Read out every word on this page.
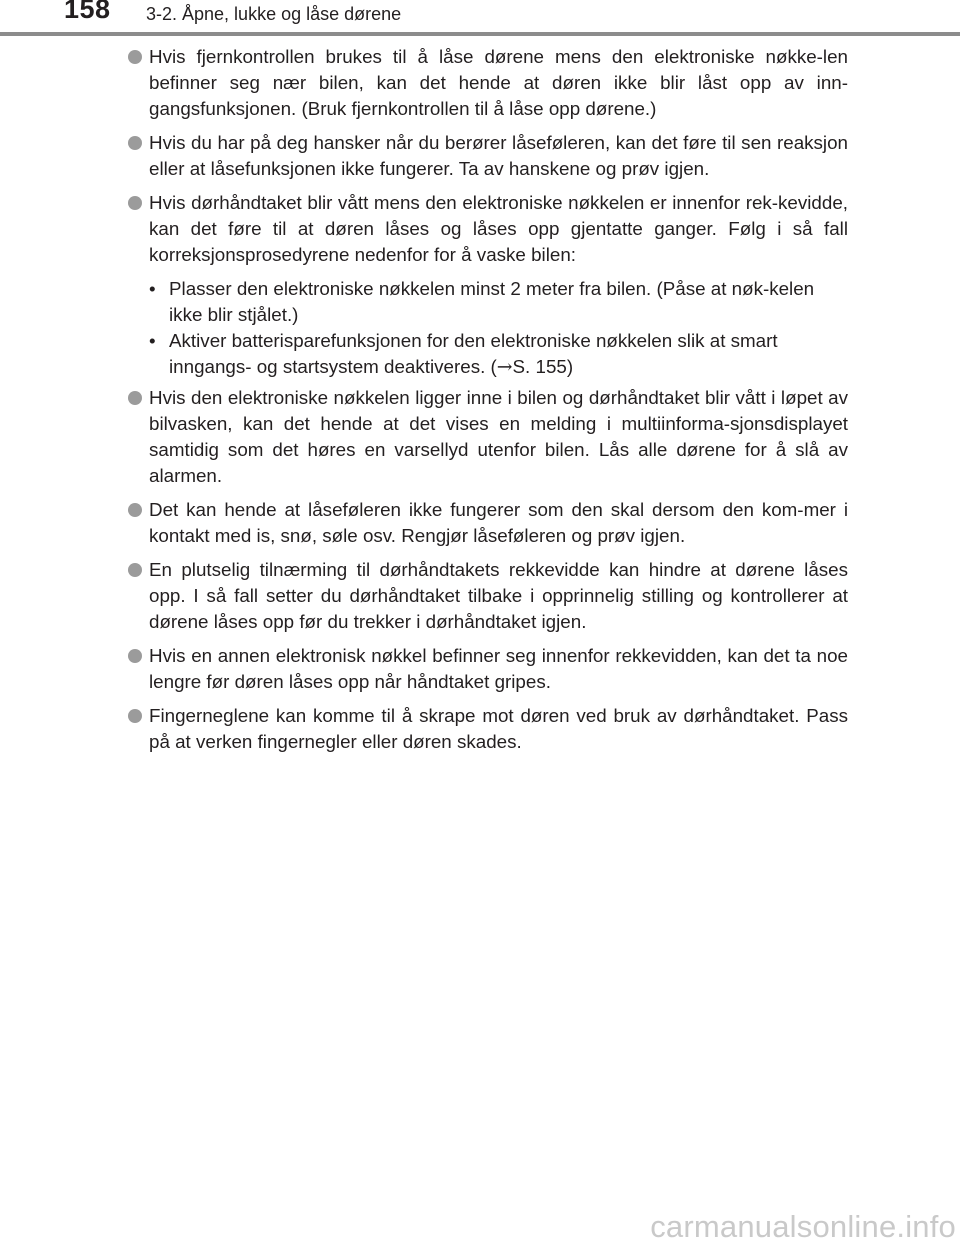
158 3-2. Åpne, lukke og låse dørene
Hvis fjernkontrollen brukes til å låse dørene mens den elektroniske nøkke-len befinner seg nær bilen, kan det hende at døren ikke blir låst opp av inn-gangsfunksjonen. (Bruk fjernkontrollen til å låse opp dørene.)
Hvis du har på deg hansker når du berører låseføleren, kan det føre til sen reaksjon eller at låsefunksjonen ikke fungerer. Ta av hanskene og prøv igjen.
Hvis dørhåndtaket blir vått mens den elektroniske nøkkelen er innenfor rek-kevidde, kan det føre til at døren låses og låses opp gjentatte ganger. Følg i så fall korreksjonsprosedyrene nedenfor for å vaske bilen:
• Plasser den elektroniske nøkkelen minst 2 meter fra bilen. (Påse at nøk-kelen ikke blir stjålet.)
• Aktiver batterisparefunksjonen for den elektroniske nøkkelen slik at smart inngangs- og startsystem deaktiveres. (→S. 155)
Hvis den elektroniske nøkkelen ligger inne i bilen og dørhåndtaket blir vått i løpet av bilvasken, kan det hende at det vises en melding i multiinforma-sjonsdisplayet samtidig som det høres en varsellyd utenfor bilen. Lås alle dørene for å slå av alarmen.
Det kan hende at låseføleren ikke fungerer som den skal dersom den kom-mer i kontakt med is, snø, søle osv. Rengjør låseføleren og prøv igjen.
En plutselig tilnærming til dørhåndtakets rekkevidde kan hindre at dørene låses opp. I så fall setter du dørhåndtaket tilbake i opprinnelig stilling og kontrollerer at dørene låses opp før du trekker i dørhåndtaket igjen.
Hvis en annen elektronisk nøkkel befinner seg innenfor rekkevidden, kan det ta noe lengre før døren låses opp når håndtaket gripes.
Fingerneglene kan komme til å skrape mot døren ved bruk av dørhåndtaket. Pass på at verken fingernegler eller døren skades.
carmanualsonline.info
